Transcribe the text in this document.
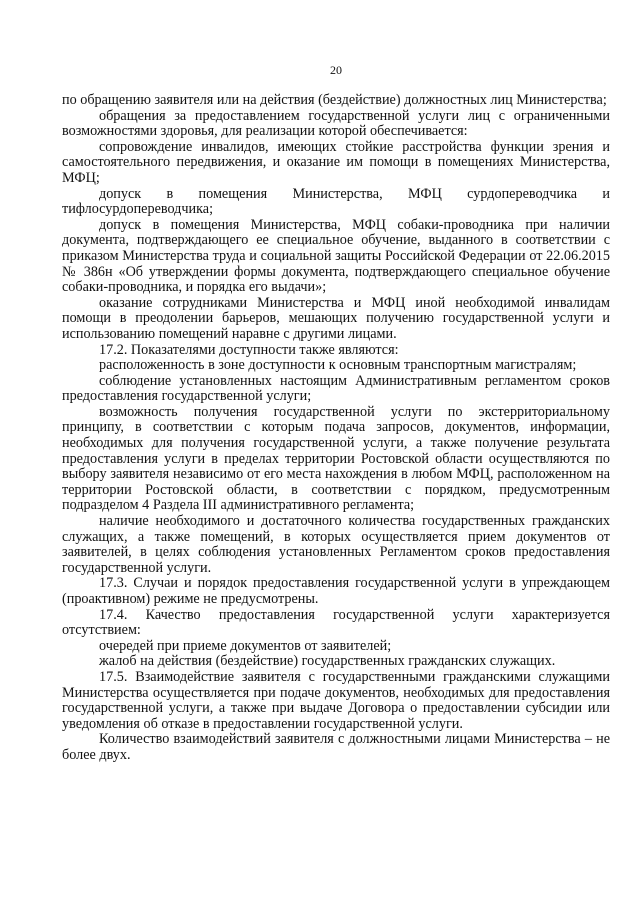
20

по обращению заявителя или на действия (бездействие) должностных лиц Министерства;

обращения за предоставлением государственной услуги лиц с ограниченными возможностями здоровья, для реализации которой обеспечивается:

сопровождение инвалидов, имеющих стойкие расстройства функции зрения и самостоятельного передвижения, и оказание им помощи в помещениях Министерства, МФЦ;

допуск в помещения Министерства, МФЦ сурдопереводчика и тифлосурдопереводчика;

допуск в помещения Министерства, МФЦ собаки-проводника при наличии документа, подтверждающего ее специальное обучение, выданного в соответствии с приказом Министерства труда и социальной защиты Российской Федерации от 22.06.2015 № 386н «Об утверждении формы документа, подтверждающего специальное обучение собаки-проводника, и порядка его выдачи»;

оказание сотрудниками Министерства и МФЦ иной необходимой инвалидам помощи в преодолении барьеров, мешающих получению государственной услуги и использованию помещений наравне с другими лицами.

17.2. Показателями доступности также являются:

расположенность в зоне доступности к основным транспортным магистралям;

соблюдение установленных настоящим Административным регламентом сроков предоставления государственной услуги;

возможность получения государственной услуги по экстерриториальному принципу, в соответствии с которым подача запросов, документов, информации, необходимых для получения государственной услуги, а также получение результата предоставления услуги в пределах территории Ростовской области осуществляются по выбору заявителя независимо от его места нахождения в любом МФЦ, расположенном на территории Ростовской области, в соответствии с порядком, предусмотренным подразделом 4 Раздела III административного регламента;

наличие необходимого и достаточного количества государственных гражданских служащих, а также помещений, в которых осуществляется прием документов от заявителей, в целях соблюдения установленных Регламентом сроков предоставления государственной услуги.

17.3. Случаи и порядок предоставления государственной услуги в упреждающем (проактивном) режиме не предусмотрены.

17.4. Качество предоставления государственной услуги характеризуется отсутствием:

очередей при приеме документов от заявителей;

жалоб на действия (бездействие) государственных гражданских служащих.

17.5. Взаимодействие заявителя с государственными гражданскими служащими Министерства осуществляется при подаче документов, необходимых для предоставления государственной услуги, а также при выдаче Договора о предоставлении субсидии или уведомления об отказе в предоставлении государственной услуги.

Количество взаимодействий заявителя с должностными лицами Министерства – не более двух.
